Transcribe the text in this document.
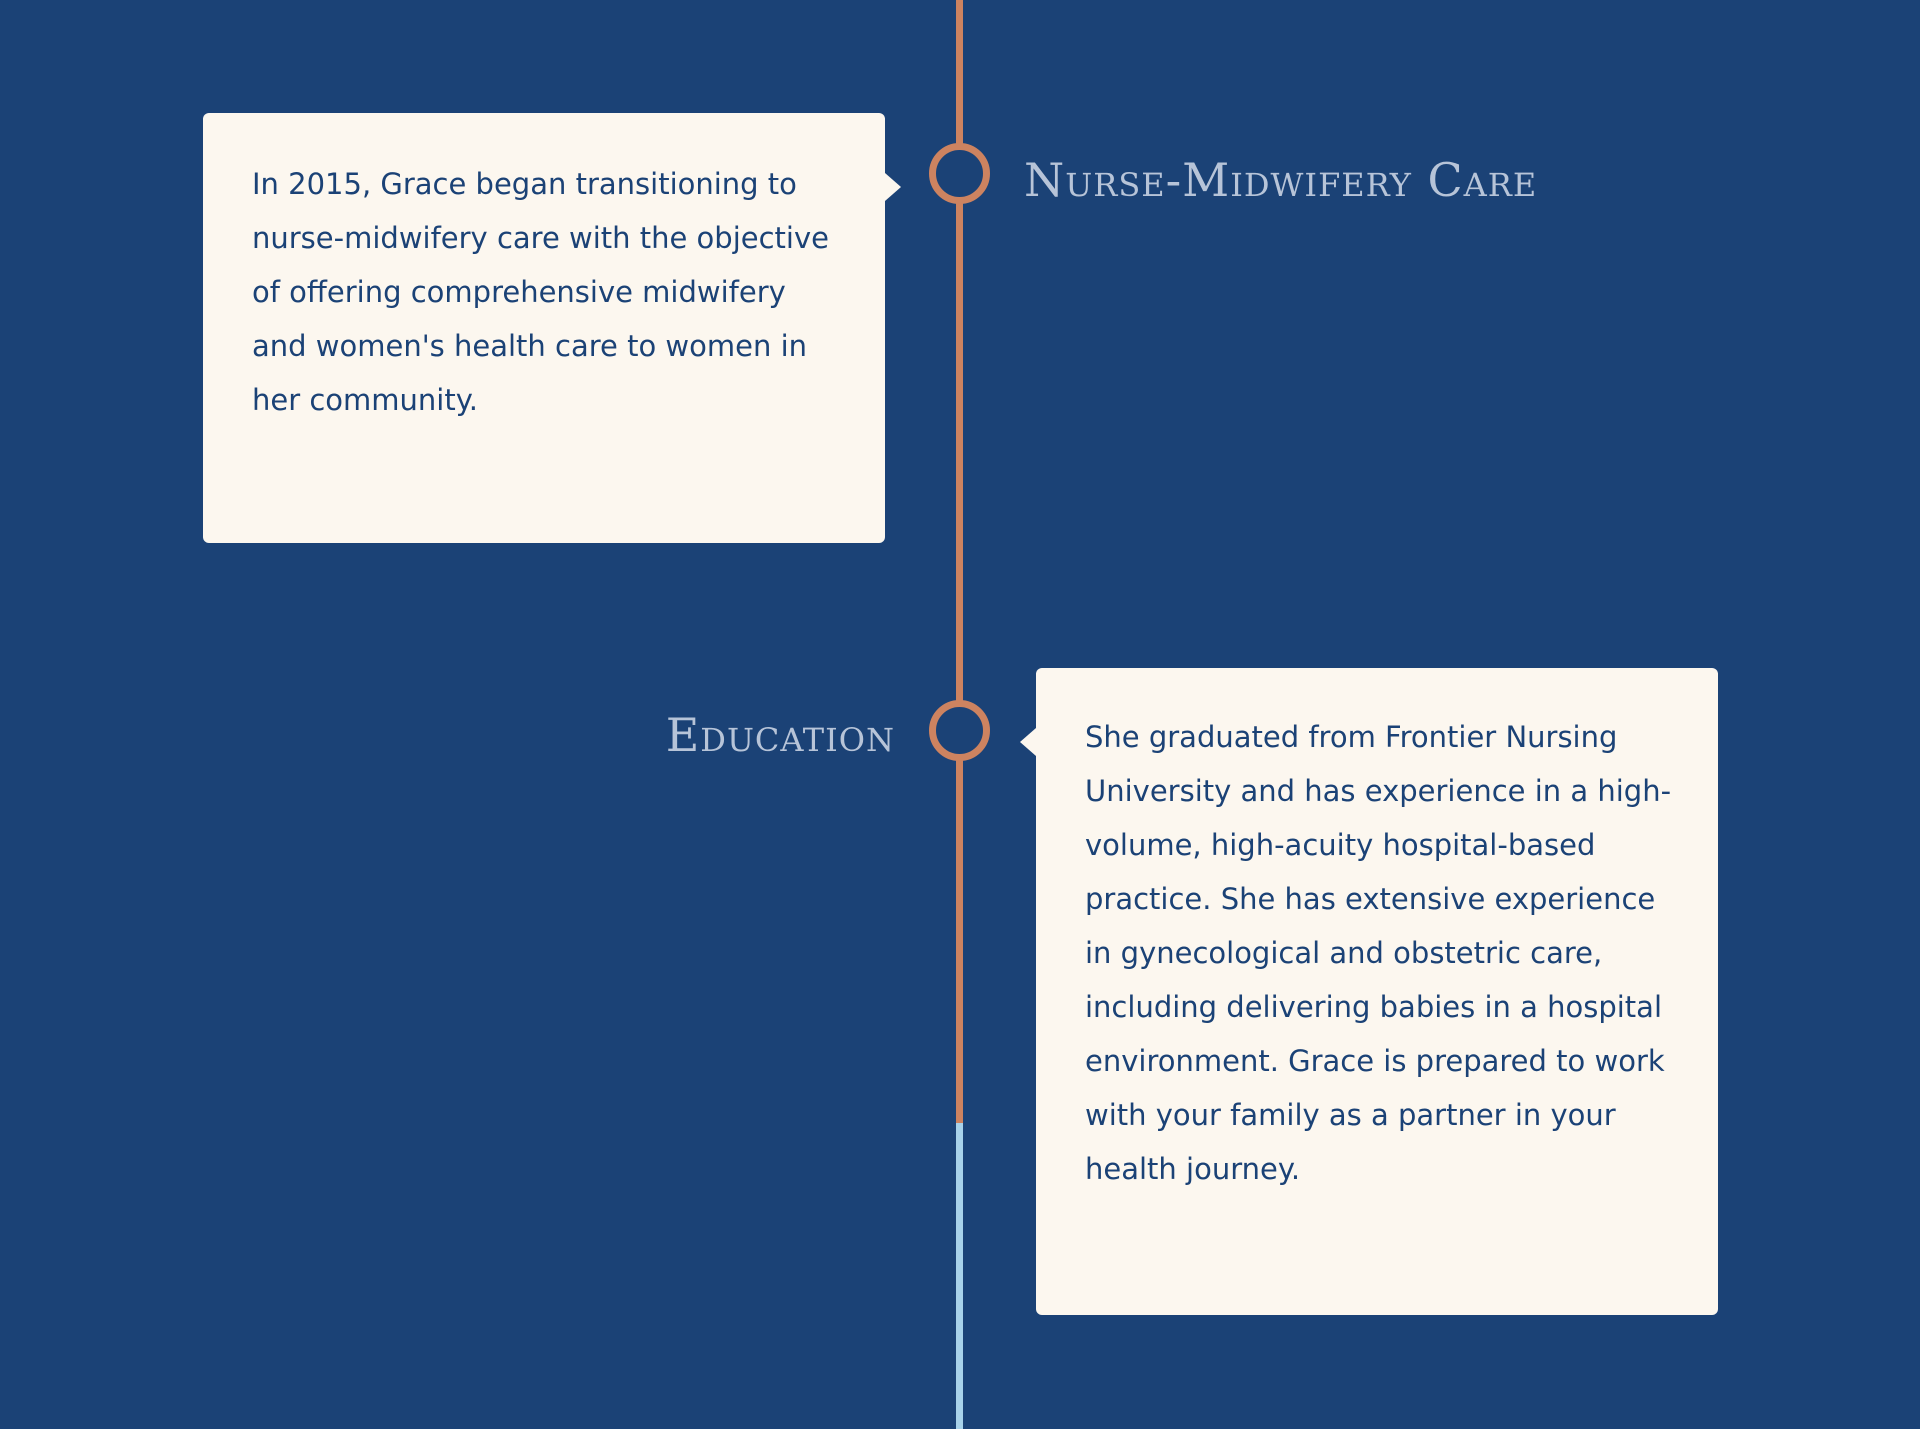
In 2015, Grace began transitioning to nurse-midwifery care with the objective of offering comprehensive midwifery and women's health care to women in her community.

Nurse-Midwifery Care
Education	She graduated from Frontier Nursing University and has experience in a high-volume, high-acuity hospital-based practice. She has extensive experience in gynecological and obstetric care, including delivering babies in a hospital environment. Grace is prepared to work with your family as a partner in your health journey.
